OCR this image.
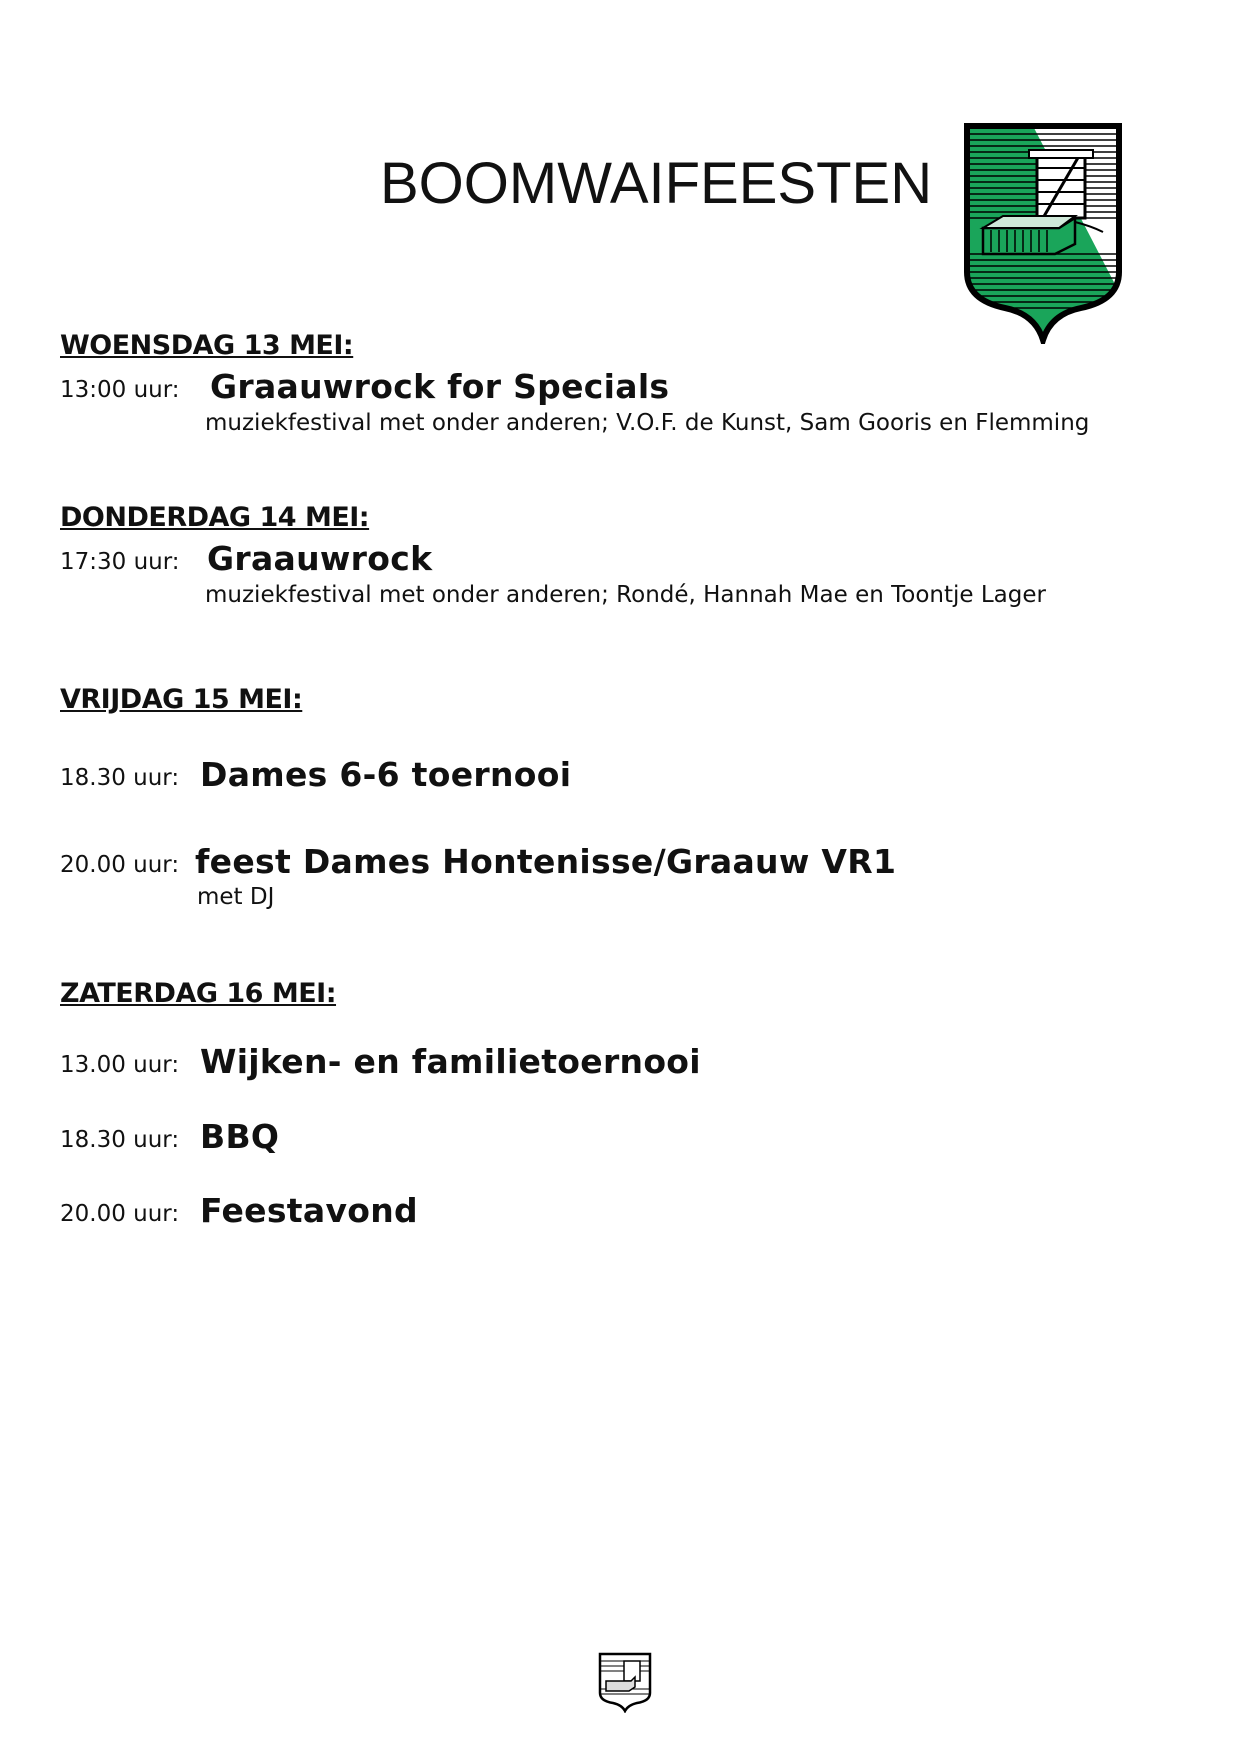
BOOMWAIFEESTEN
WOENSDAG 13 MEI:
13:00 uur: Graauwrock for Specials
muziekfestival met onder anderen; V.O.F. de Kunst, Sam Gooris en Flemming
DONDERDAG 14 MEI:
17:30 uur: Graauwrock
muziekfestival met onder anderen; Rondé, Hannah Mae en Toontje Lager
VRIJDAG 15 MEI:
18.30 uur: Dames 6-6 toernooi
20.00 uur: feest Dames Hontenisse/Graauw VR1
met DJ
ZATERDAG 16 MEI:
13.00 uur: Wijken- en familietoernooi
18.30 uur: BBQ
20.00 uur: Feestavond
